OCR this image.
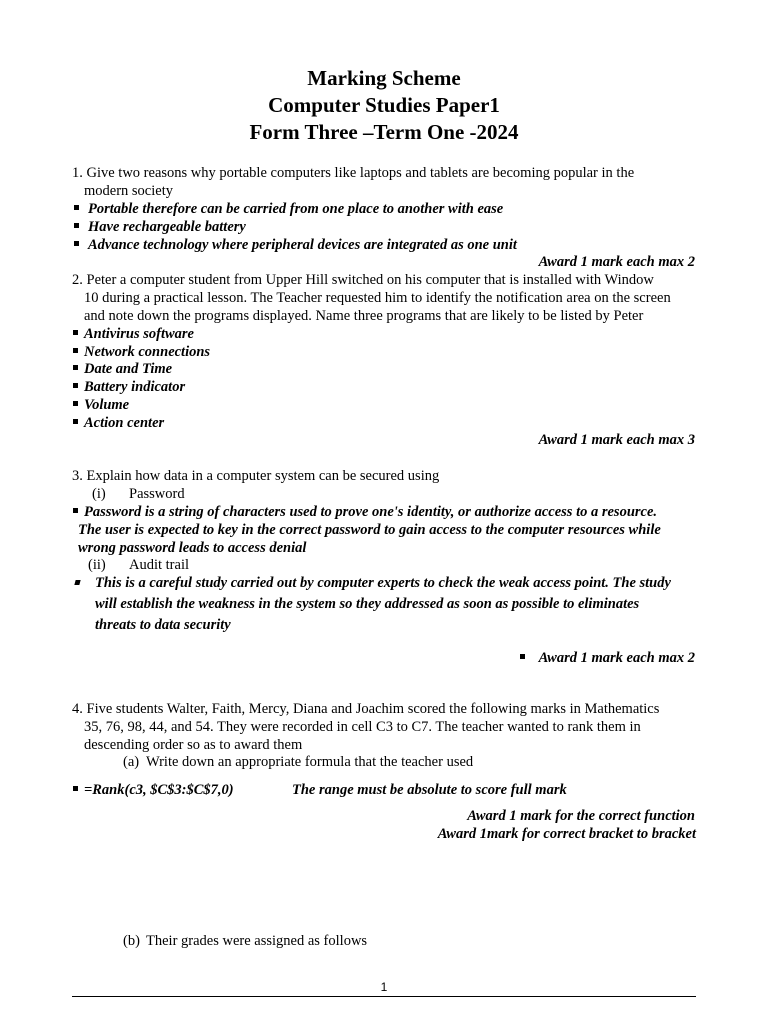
Marking Scheme
Computer Studies Paper1
Form Three –Term One -2024
1. Give two reasons why portable computers like laptops and tablets are becoming popular in the
modern society
Portable therefore can be carried from one place to another with ease
Have rechargeable battery
Advance technology where peripheral devices are integrated as one unit
Award 1 mark each max 2
2. Peter a computer student from Upper Hill switched on his computer that is installed with Window
10 during a practical lesson. The Teacher requested him to identify the notification area on the screen
and note down the programs displayed. Name three programs that are likely to be listed by Peter
Antivirus software
Network connections
Date and Time
Battery indicator
Volume
Action center
Award 1 mark each max 3
3. Explain how data in a computer system can be secured using
(i) Password
Password is a string of characters used to prove one's identity, or authorize access to a resource.
The user is expected to key in the correct password to gain access to the computer resources while
wrong password leads to access denial
(ii) Audit trail
This is a careful study carried out by computer experts to check the weak access point. The study
will establish the weakness in the system so they addressed as soon as possible to eliminates
threats to data security
Award 1 mark each max 2
4. Five students Walter, Faith, Mercy, Diana and Joachim scored the following marks in Mathematics
35, 76, 98, 44, and 54. They were recorded in cell C3 to C7. The teacher wanted to rank them in
descending order so as to award them
(a) Write down an appropriate formula that the teacher used
=Rank(c3, $C$3:$C$7,0)	The range must be absolute to score full mark
Award 1 mark for the correct function
Award 1mark for correct bracket to bracket
(b) Their grades were assigned as follows
1
